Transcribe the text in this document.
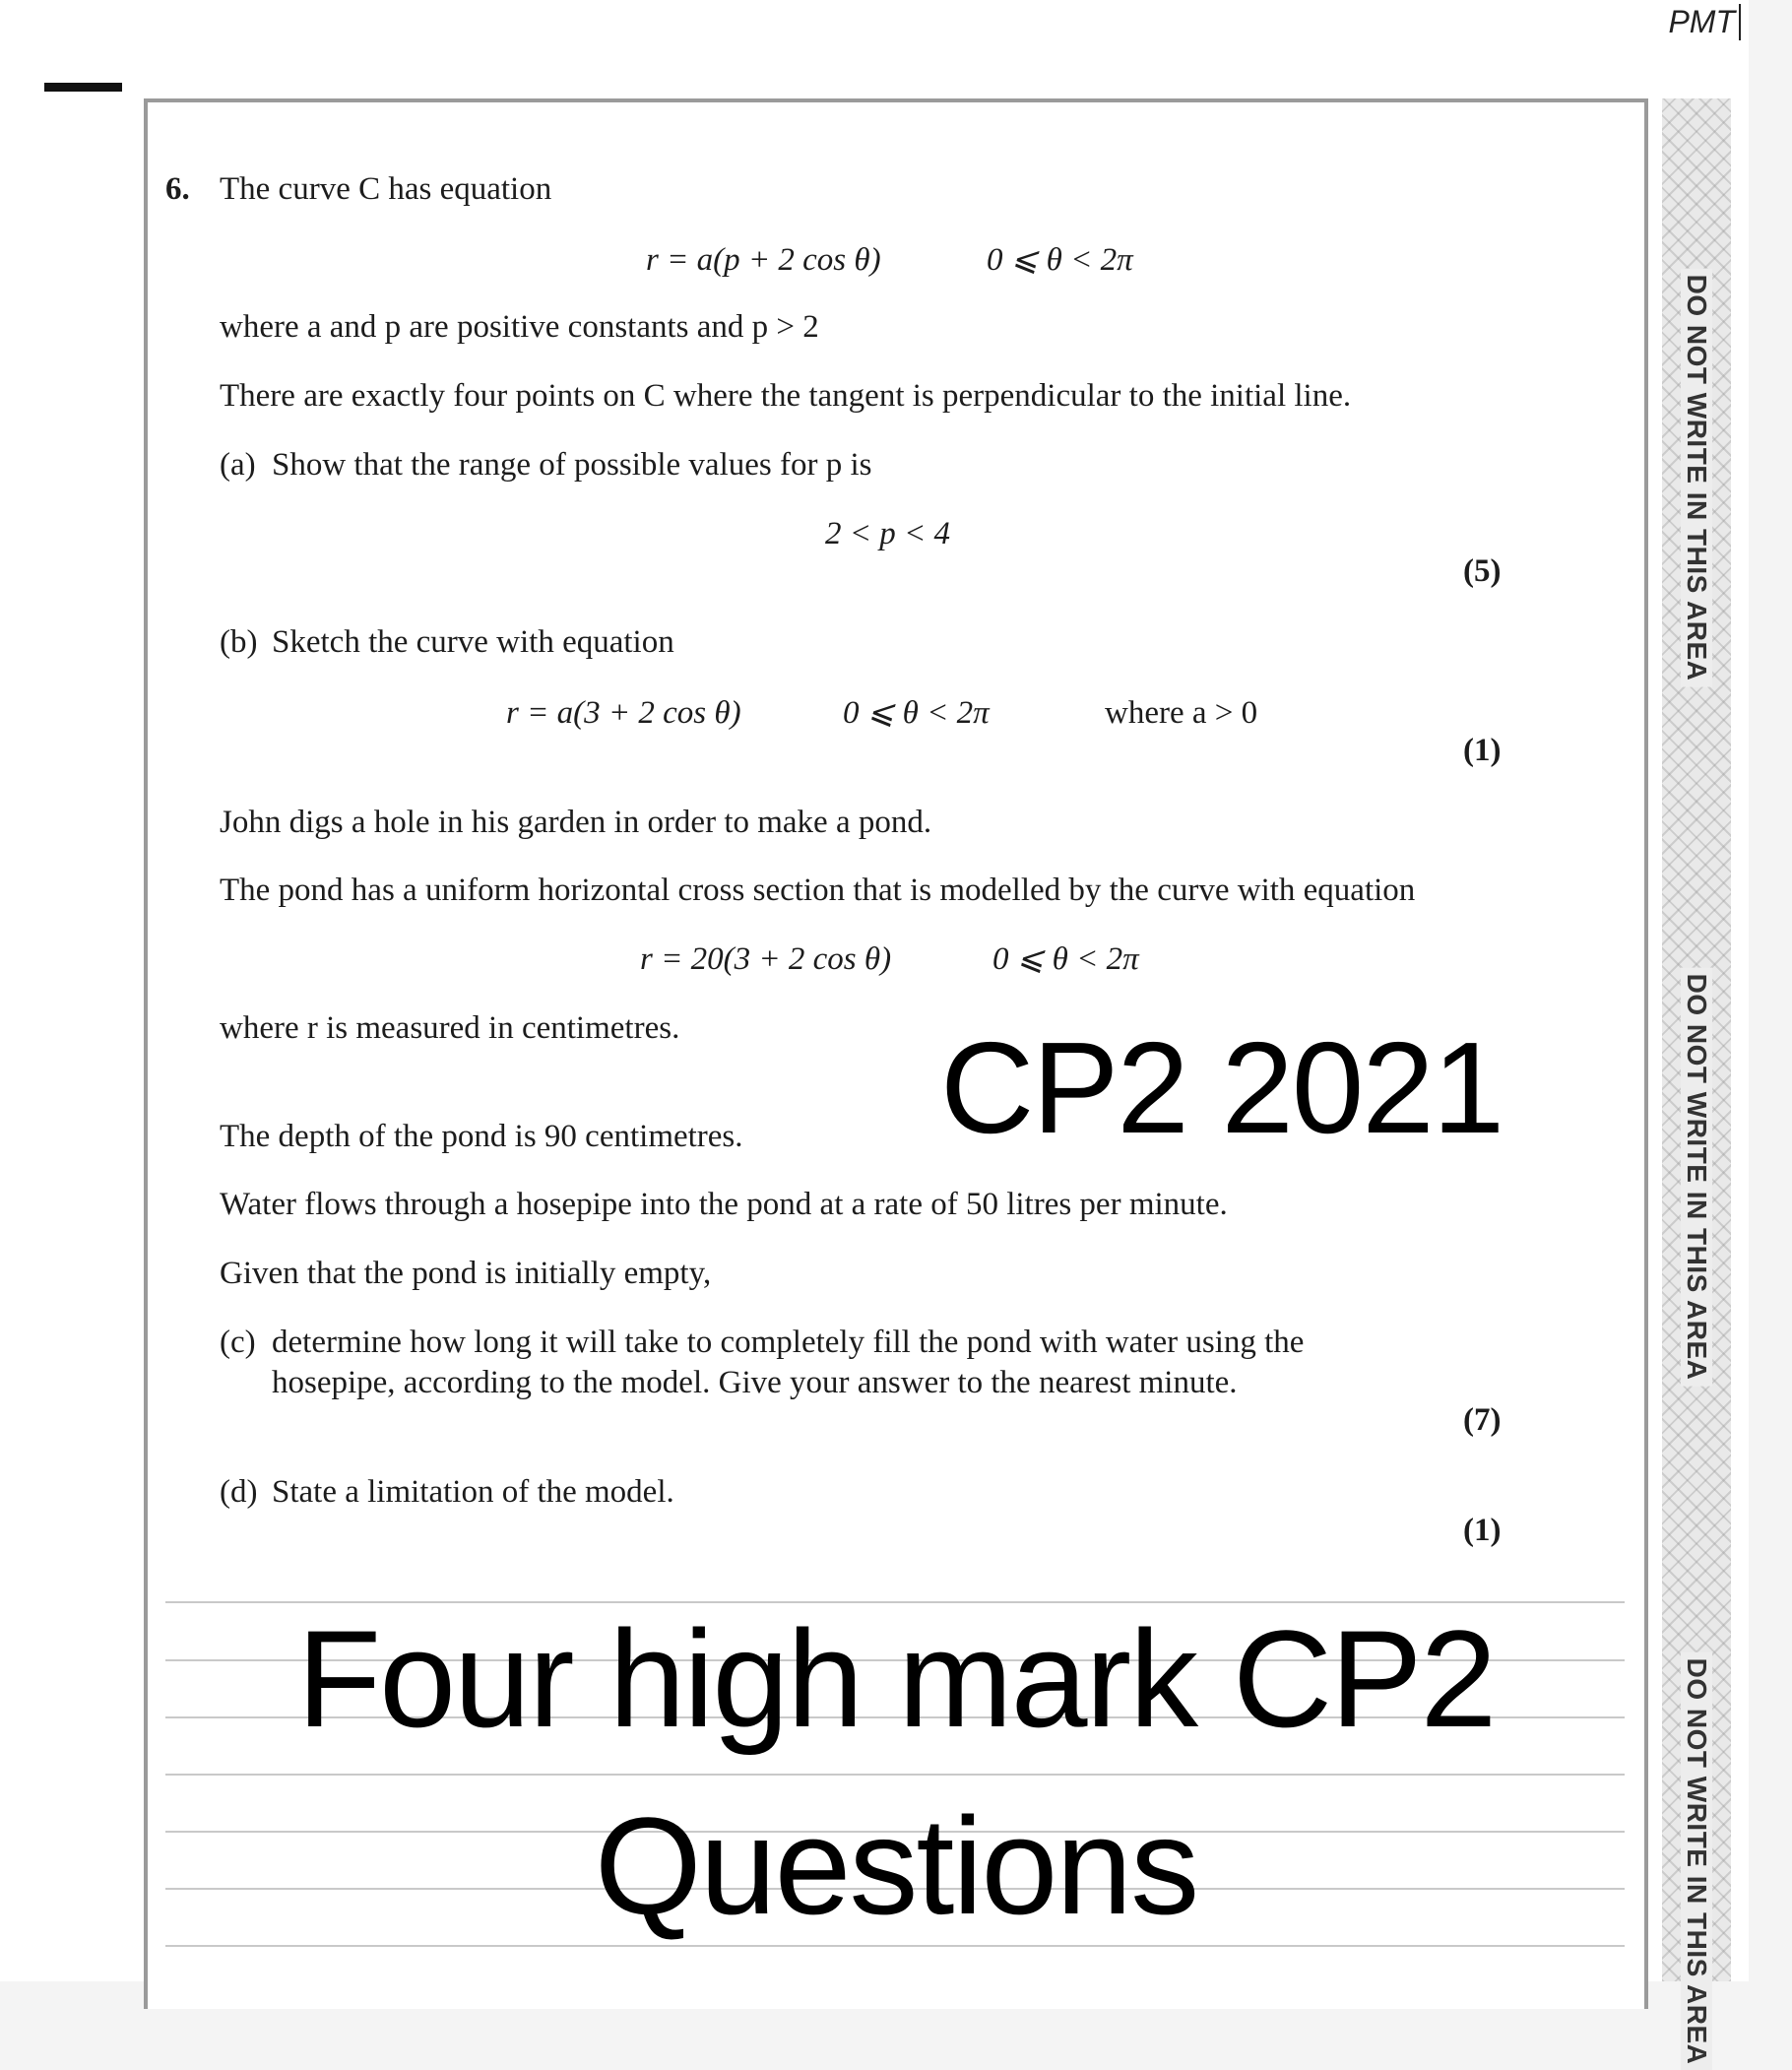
PMT
DO NOT WRITE IN THIS AREA
DO NOT WRITE IN THIS AREA
DO NOT WRITE IN THIS AREA
6. The curve C has equation
r = a(p + 2 cos θ)	0 ⩽ θ < 2π
where a and p are positive constants and p > 2
There are exactly four points on C where the tangent is perpendicular to the initial line.
(a) Show that the range of possible values for p is
2 < p < 4
(5)
(b) Sketch the curve with equation
r = a(3 + 2 cos θ)	0 ⩽ θ < 2π	where a > 0
(1)
John digs a hole in his garden in order to make a pond.
The pond has a uniform horizontal cross section that is modelled by the curve with equation
r = 20(3 + 2 cos θ)	0 ⩽ θ < 2π
where r is measured in centimetres. CP2 2021
The depth of the pond is 90 centimetres.
Water flows through a hosepipe into the pond at a rate of 50 litres per minute.
Given that the pond is initially empty,
(c) determine how long it will take to completely fill the pond with water using the
hosepipe, according to the model. Give your answer to the nearest minute.
(7)
(d) State a limitation of the model.
(1)
Four high mark CP2
Questions
